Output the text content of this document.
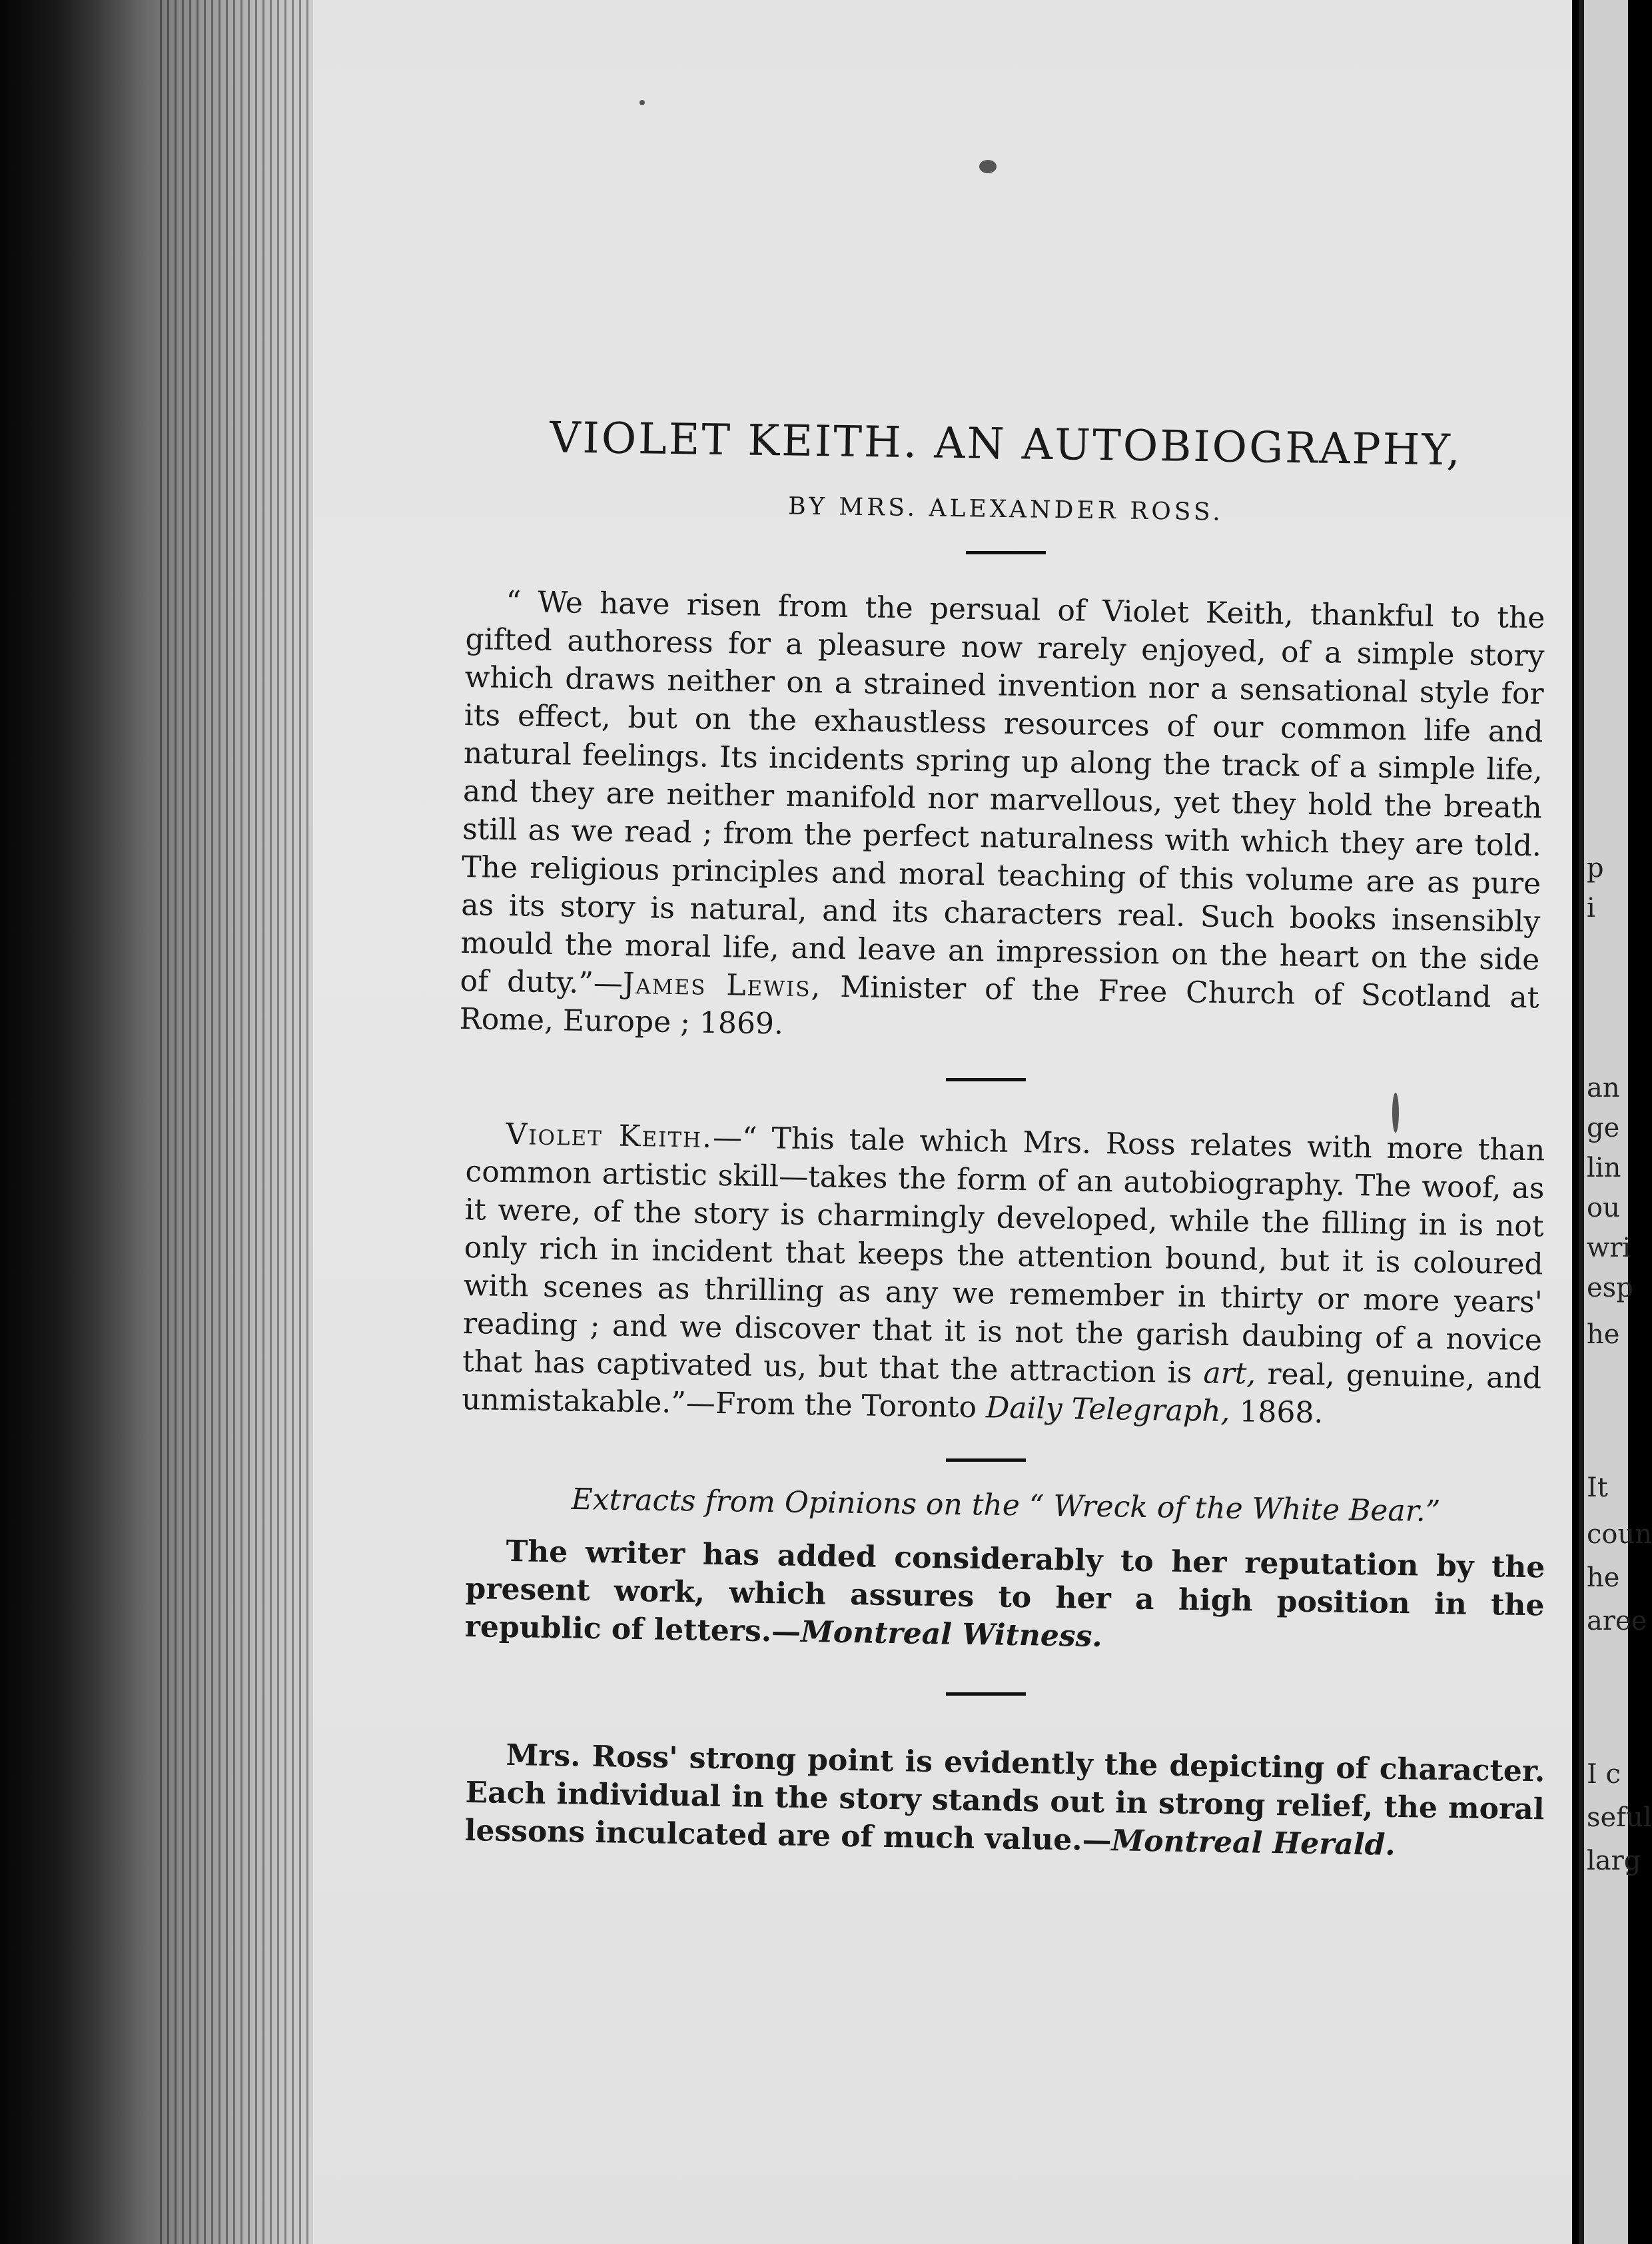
p
i
an
ge
lin
ou
wri
esp
he
It
coun
he
aree
I c
seful
larg
VIOLET KEITH. AN AUTOBIOGRAPHY,
BY MRS. ALEXANDER ROSS.
“ We have risen from the persual of Violet Keith, thankful to the gifted authoress for a pleasure now rarely enjoyed, of a simple story which draws neither on a strained invention nor a sensational style for its effect, but on the exhaustless resources of our common life and natural feelings. Its incidents spring up along the track of a simple life, and they are neither manifold nor marvellous, yet they hold the breath still as we read ; from the perfect naturalness with which they are told. The religious principles and moral teaching of this volume are as pure as its story is natural, and its characters real. Such books insensibly mould the moral life, and leave an impression on the heart on the side of duty.”—James Lewis, Minister of the Free Church of Scotland at Rome, Europe ; 1869.
Violet Keith.—“ This tale which Mrs. Ross relates with more than common artistic skill—takes the form of an autobiography. The woof, as it were, of the story is charmingly developed, while the filling in is not only rich in incident that keeps the attention bound, but it is coloured with scenes as thrilling as any we remember in thirty or more years' reading ; and we discover that it is not the garish daubing of a novice that has captivated us, but that the attraction is art, real, genuine, and unmistakable.”—From the Toronto Daily Telegraph, 1868.
Extracts from Opinions on the “ Wreck of the White Bear.”
The writer has added considerably to her reputation by the present work, which assures to her a high position in the republic of letters.—Montreal Witness.
Mrs. Ross' strong point is evidently the depicting of character. Each individual in the story stands out in strong relief, the moral lessons inculcated are of much value.—Montreal Herald.
